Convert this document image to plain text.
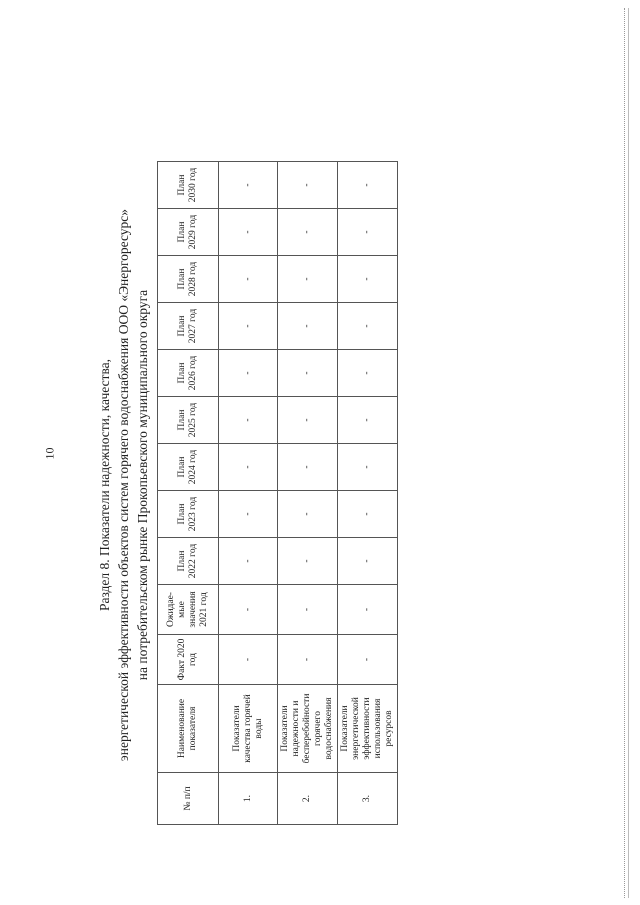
10	Раздел 8. Показатели надежности, качества, энергетической эффективности объектов систем горячего водоснабжения ООО «Энергоресурс» на потребительском рынке Прокопьевского муниципального округа
№ п/п	Наименование показателя	Факт 2020 год	Ожидае-мые значения 2021 год	План 2022 год	План 2023 год	План 2024 год	План 2025 год	План 2026 год	План 2027 год	План 2028 год	План 2029 год	План 2030 год
1.	Показатели качества горячей воды	-	-	-	-	-	-	-	-	-	-	-
2.	Показатели надежности и бесперебойности горячего водоснабжения	-	-	-	-	-	-	-	-	-	-	-
3.	Показатели энергетической эффективности использования ресурсов	-	-	-	-	-	-	-	-	-	-	-
